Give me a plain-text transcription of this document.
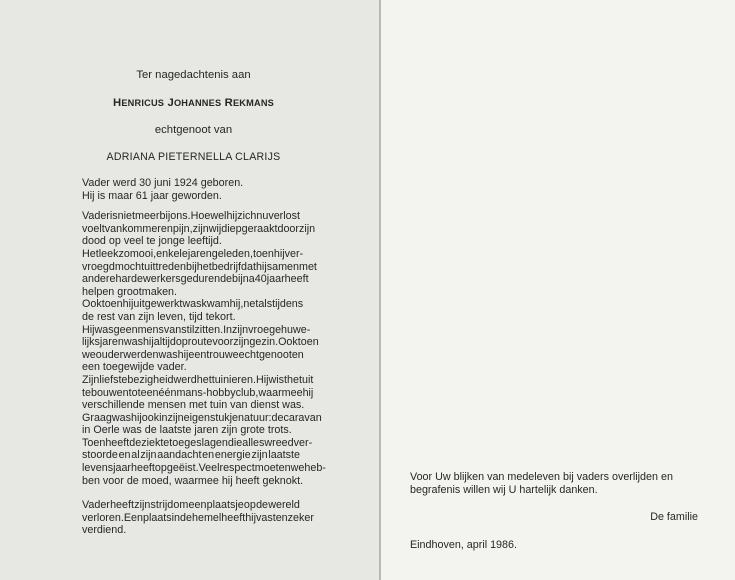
Ter nagedachtenis aan
HENRICUS JOHANNES REKMANS
echtgenoot van
ADRIANA PIETERNELLA CLARIJS

Vader werd 30 juni 1924 geboren.
Hij is maar 61 jaar geworden.

Vader is niet meer bij ons. Hoewel hij zich nu verlost
voelt van kommer en pijn, zijn wij diep geraakt door zijn
dood op veel te jonge leeftijd.
Het leek zo mooi, enkele jaren geleden, toen hij ver-
vroegd mocht uittreden bij het bedrijf dat hij samen met
andere harde werkers gedurende bijna 40 jaar heeft
helpen grootmaken.
Ook toen hij uitgewerkt was kwam hij, net als tijdens
de rest van zijn leven, tijd tekort.
Hij was geen mens van stilzitten. In zijn vroege huwe-
lijksjaren was hij altijd op route voor zijn gezin. Ook toen
we ouder werden was hij een trouwe echtgenoot en
een toegewijde vader.
Zijn liefste bezigheid werd het tuinieren. Hij wist het uit
te bouwen tot een éénmans-hobbyclub, waarmee hij
verschillende mensen met tuin van dienst was.
Graag was hij ook in zijn eigen stukje natuur: de caravan
in Oerle was de laatste jaren zijn grote trots.
Toen heeft de ziekte toegeslagen die alles wreed ver-
stoorde en al zijn aandacht en energie zijn laatste
levensjaar heeft opgeëist. Veel respect moeten we heb-
ben voor de moed, waarmee hij heeft geknokt.

Vader heeft zijn strijd om een plaatsje op de wereld
verloren. Een plaats in de hemel heeft hij vast en zeker
verdiend.

Voor Uw blijken van medeleven bij vaders overlijden en
begrafenis willen wij U hartelijk danken.
De familie
Eindhoven, april 1986.
